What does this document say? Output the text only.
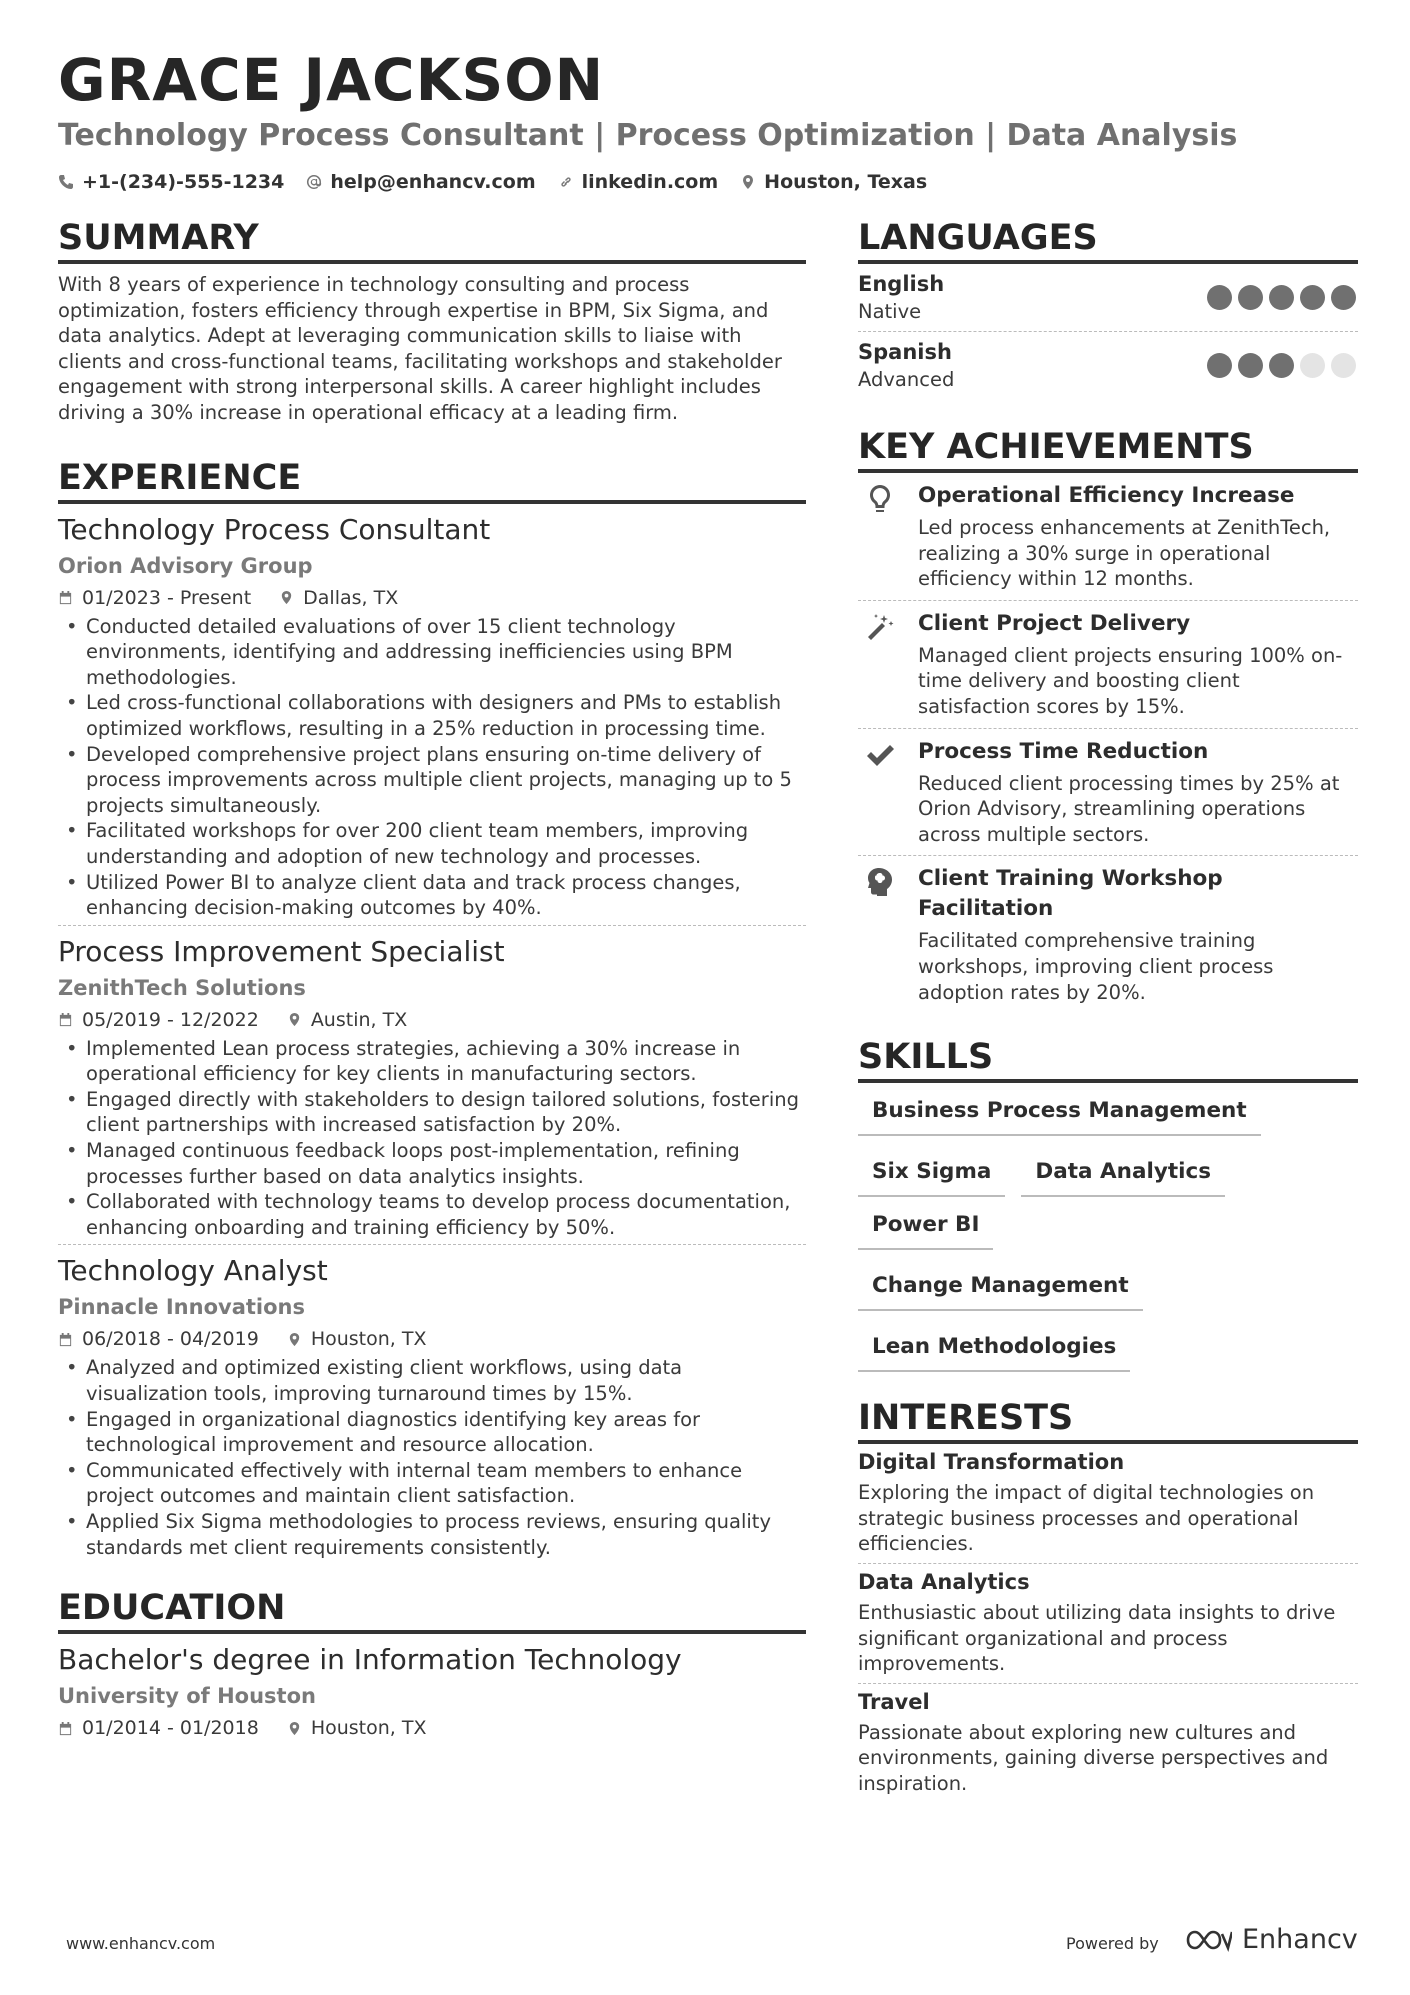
GRACE JACKSON
Technology Process Consultant | Process Optimization | Data Analysis
+1-(234)-555-1234 help@enhancv.com linkedin.com Houston, Texas
SUMMARY
With 8 years of experience in technology consulting and process optimization, fosters efficiency through expertise in BPM, Six Sigma, and data analytics. Adept at leveraging communication skills to liaise with clients and cross-functional teams, facilitating workshops and stakeholder engagement with strong interpersonal skills. A career highlight includes driving a 30% increase in operational efficacy at a leading firm.
EXPERIENCE
Technology Process Consultant
Orion Advisory Group
01/2023 - Present	Dallas, TX
• Conducted detailed evaluations of over 15 client technology environments, identifying and addressing inefficiencies using BPM methodologies.
• Led cross-functional collaborations with designers and PMs to establish optimized workflows, resulting in a 25% reduction in processing time.
• Developed comprehensive project plans ensuring on-time delivery of process improvements across multiple client projects, managing up to 5 projects simultaneously.
• Facilitated workshops for over 200 client team members, improving understanding and adoption of new technology and processes.
• Utilized Power BI to analyze client data and track process changes, enhancing decision-making outcomes by 40%.
Process Improvement Specialist
ZenithTech Solutions
05/2019 - 12/2022	Austin, TX
• Implemented Lean process strategies, achieving a 30% increase in operational efficiency for key clients in manufacturing sectors.
• Engaged directly with stakeholders to design tailored solutions, fostering client partnerships with increased satisfaction by 20%.
• Managed continuous feedback loops post-implementation, refining processes further based on data analytics insights.
• Collaborated with technology teams to develop process documentation, enhancing onboarding and training efficiency by 50%.
Technology Analyst
Pinnacle Innovations
06/2018 - 04/2019	Houston, TX
• Analyzed and optimized existing client workflows, using data visualization tools, improving turnaround times by 15%.
• Engaged in organizational diagnostics identifying key areas for technological improvement and resource allocation.
• Communicated effectively with internal team members to enhance project outcomes and maintain client satisfaction.
• Applied Six Sigma methodologies to process reviews, ensuring quality standards met client requirements consistently.
EDUCATION
Bachelor's degree in Information Technology
University of Houston
01/2014 - 01/2018	Houston, TX
LANGUAGES
English
Native
Spanish
Advanced
KEY ACHIEVEMENTS
Operational Efficiency Increase
Led process enhancements at ZenithTech, realizing a 30% surge in operational efficiency within 12 months.
Client Project Delivery
Managed client projects ensuring 100% on-time delivery and boosting client satisfaction scores by 15%.
Process Time Reduction
Reduced client processing times by 25% at Orion Advisory, streamlining operations across multiple sectors.
Client Training Workshop Facilitation
Facilitated comprehensive training workshops, improving client process adoption rates by 20%.
SKILLS
Business Process Management
Six Sigma	Data Analytics
Power BI
Change Management
Lean Methodologies
INTERESTS
Digital Transformation
Exploring the impact of digital technologies on strategic business processes and operational efficiencies.
Data Analytics
Enthusiastic about utilizing data insights to drive significant organizational and process improvements.
Travel
Passionate about exploring new cultures and environments, gaining diverse perspectives and inspiration.
www.enhancv.com	Powered by	Enhancv
